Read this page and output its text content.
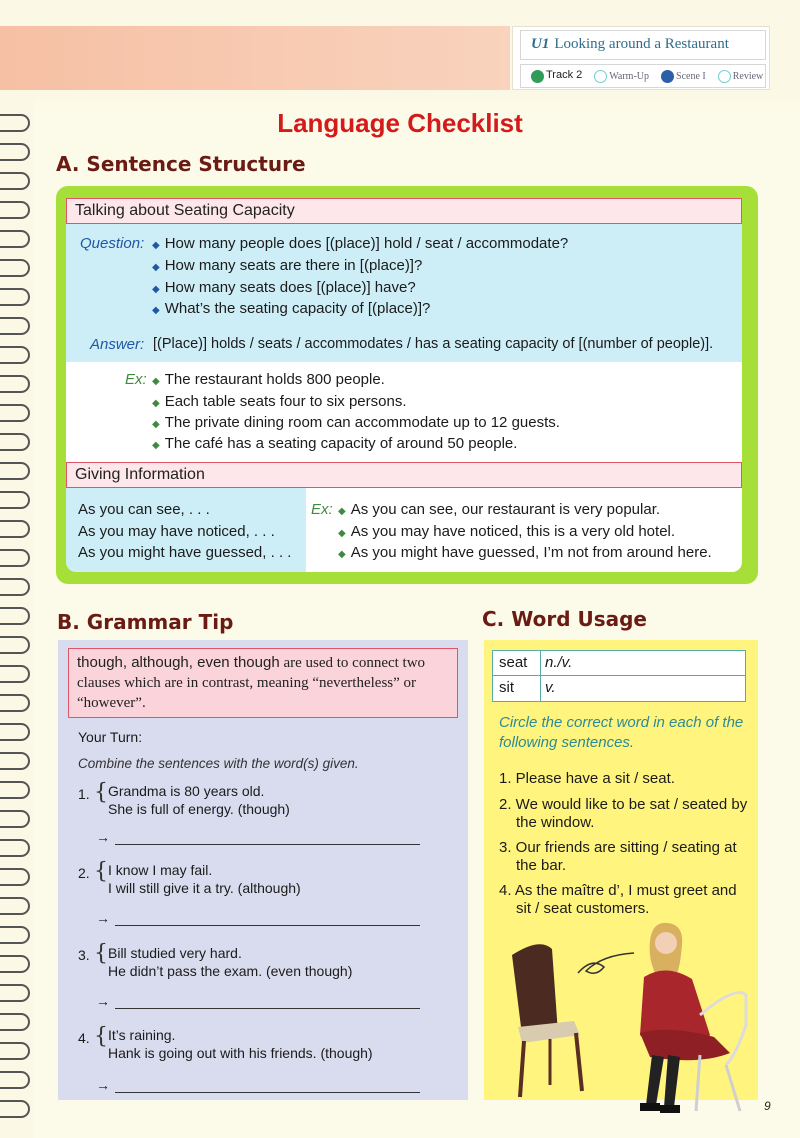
U1 Looking around a Restaurant
Track 2	Warm-Up	Scene I	Review
Language Checklist
A. Sentence Structure
Talking about Seating Capacity
Question: ◆ How many people does [(place)] hold / seat / accommodate?
◆ How many seats are there in [(place)]?
◆ How many seats does [(place)] have?
◆ What’s the seating capacity of [(place)]?
Answer: [(Place)] holds / seats / accommodates / has a seating capacity of [(number of people)].
Ex: ◆ The restaurant holds 800 people.
◆ Each table seats four to six persons.
◆ The private dining room can accommodate up to 12 guests.
◆ The café has a seating capacity of around 50 people.
Giving Information
As you can see, . . .
As you may have noticed, . . .
As you might have guessed, . . .
Ex: ◆ As you can see, our restaurant is very popular.
◆ As you may have noticed, this is a very old hotel.
◆ As you might have guessed, I’m not from around here.
B. Grammar Tip
though, although, even though are used to connect two clauses which are in contrast, meaning “nevertheless” or “however”.
Your Turn:
Combine the sentences with the word(s) given.
1. { Grandma is 80 years old.
She is full of energy. (though)
→
2. { I know I may fail.
I will still give it a try. (although)
→
3. { Bill studied very hard.
He didn’t pass the exam. (even though)
→
4. { It’s raining.
Hank is going out with his friends. (though)
→
C. Word Usage
seat n./v.
sit v.
Circle the correct word in each of the following sentences.
1. Please have a sit / seat.
2. We would like to be sat / seated by the window.
3. Our friends are sitting / seating at the bar.
4. As the maître d’, I must greet and sit / seat customers.
9
